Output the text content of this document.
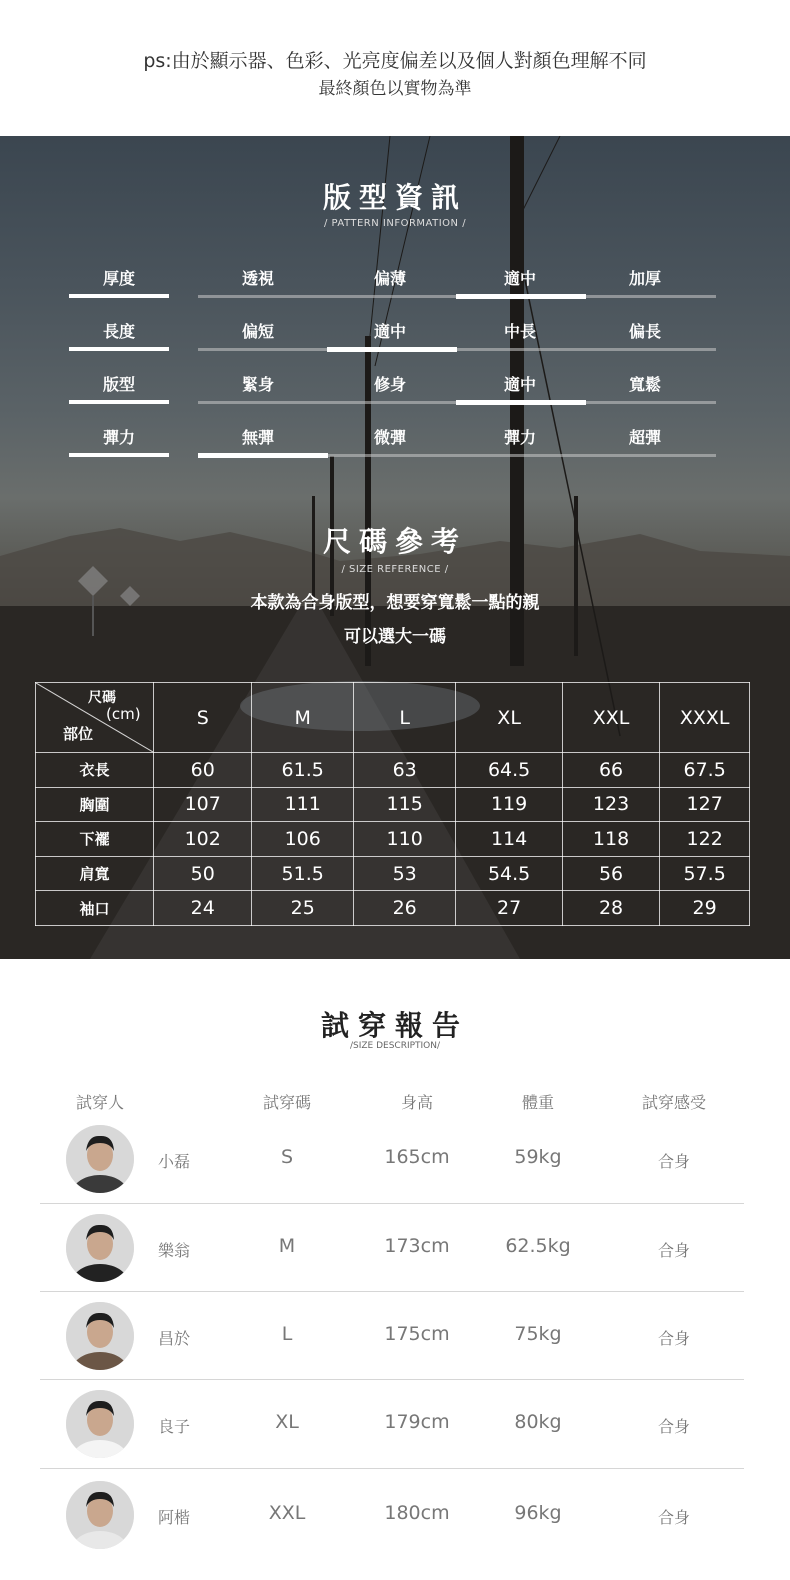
ps:由於顯示器、色彩、光亮度偏差以及個人對顏色理解不同
最終顏色以實物為準
版型資訊
/ PATTERN INFORMATION /
厚度	透視	偏薄	適中	加厚
長度	偏短	適中	中長	偏長
版型	緊身	修身	適中	寬鬆
彈力	無彈	微彈	彈力	超彈
尺碼參考
/ SIZE REFERENCE /
本款為合身版型，想要穿寬鬆一點的親
可以選大一碼
尺碼
(cm)
部位	S	M	L	XL	XXL	XXXL
衣長	60	61.5	63	64.5	66	67.5
胸圍	107	111	115	119	123	127
下襬	102	106	110	114	118	122
肩寬	50	51.5	53	54.5	56	57.5
袖口	24	25	26	27	28	29
試穿報告
/SIZE DESCRIPTION/
試穿人	試穿碼	身高	體重	試穿感受
小磊	S	165cm	59kg	合身
樂翁	M	173cm	62.5kg	合身
昌於	L	175cm	75kg	合身
良子	XL	179cm	80kg	合身
阿楷	XXL	180cm	96kg	合身
